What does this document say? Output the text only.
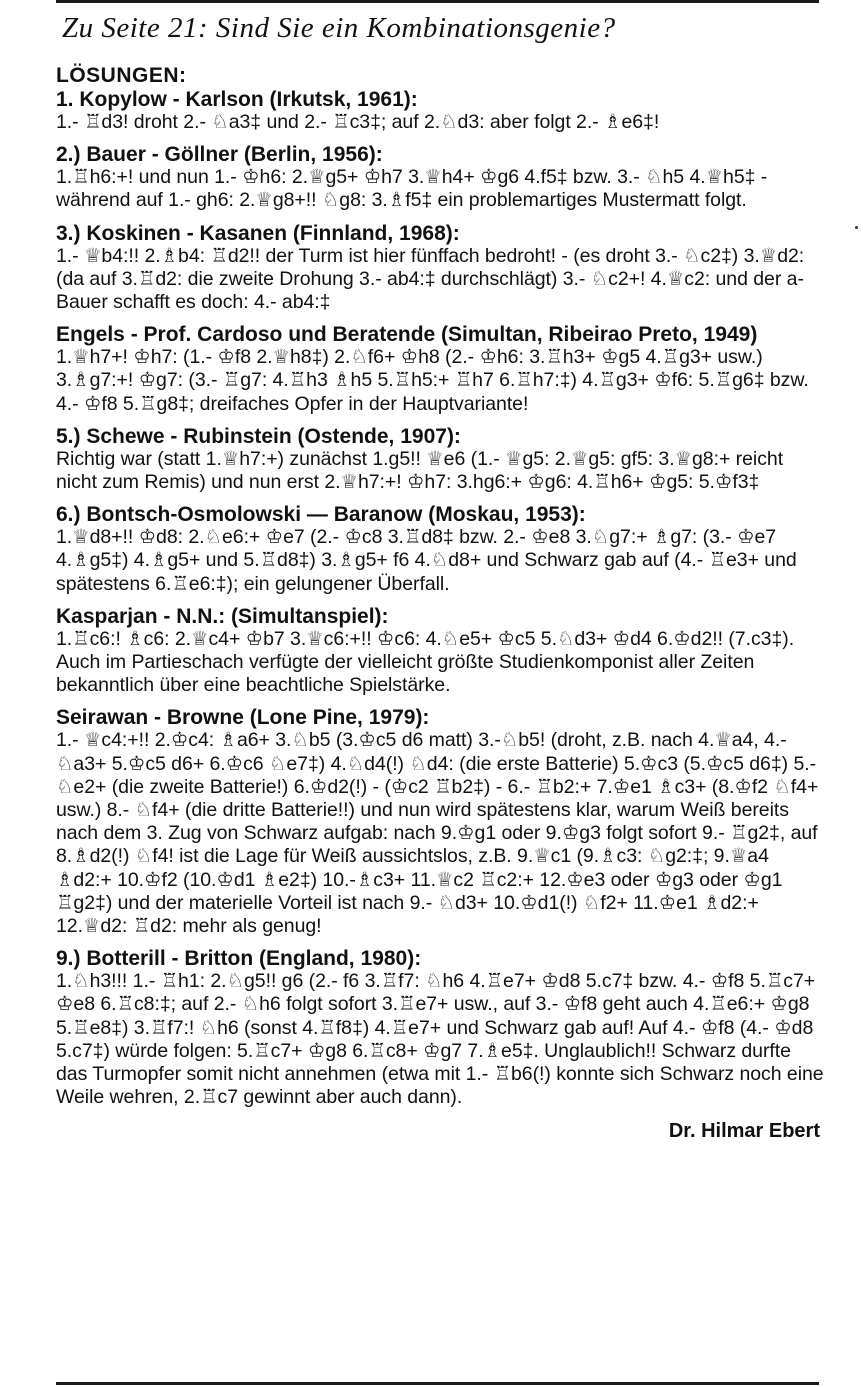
Zu Seite 21: Sind Sie ein Kombinationsgenie?
LÖSUNGEN:
1. Kopylow - Karlson (Irkutsk, 1961):
1.- ♖d3! droht 2.- ♘a3‡ und 2.- ♖c3‡; auf 2.♘d3: aber folgt 2.- ♗e6‡!
2.) Bauer - Göllner (Berlin, 1956):
1.♖h6:+! und nun 1.- ♔h6: 2.♕g5+ ♔h7 3.♕h4+ ♔g6 4.f5‡ bzw. 3.- ♘h5 4.♕h5‡ - während auf 1.- gh6: 2.♕g8+!! ♘g8: 3.♗f5‡ ein problemartiges Mustermatt folgt.
3.) Koskinen - Kasanen (Finnland, 1968):
1.- ♕b4:!! 2.♗b4: ♖d2!! der Turm ist hier fünffach bedroht! - (es droht 3.- ♘c2‡) 3.♕d2: (da auf 3.♖d2: die zweite Drohung 3.- ab4:‡ durchschlägt) 3.- ♘c2+! 4.♕c2: und der a-Bauer schafft es doch: 4.- ab4:‡
Engels - Prof. Cardoso und Beratende (Simultan, Ribeirao Preto, 1949)
1.♕h7+! ♔h7: (1.- ♔f8 2.♕h8‡) 2.♘f6+ ♔h8 (2.- ♔h6: 3.♖h3+ ♔g5 4.♖g3+ usw.) 3.♗g7:+! ♔g7: (3.- ♖g7: 4.♖h3 ♗h5 5.♖h5:+ ♖h7 6.♖h7:‡) 4.♖g3+ ♔f6: 5.♖g6‡ bzw. 4.- ♔f8 5.♖g8‡; dreifaches Opfer in der Hauptvariante!
5.) Schewe - Rubinstein (Ostende, 1907):
Richtig war (statt 1.♕h7:+) zunächst 1.g5!! ♕e6 (1.- ♕g5: 2.♕g5: gf5: 3.♕g8:+ reicht nicht zum Remis) und nun erst 2.♕h7:+! ♔h7: 3.hg6:+ ♔g6: 4.♖h6+ ♔g5: 5.♔f3‡
6.) Bontsch-Osmolowski — Baranow (Moskau, 1953):
1.♕d8+!! ♔d8: 2.♘e6:+ ♔e7 (2.- ♔c8 3.♖d8‡ bzw. 2.- ♔e8 3.♘g7:+ ♗g7: (3.- ♔e7 4.♗g5‡) 4.♗g5+ und 5.♖d8‡) 3.♗g5+ f6 4.♘d8+ und Schwarz gab auf (4.- ♖e3+ und spätestens 6.♖e6:‡); ein gelungener Überfall.
Kasparjan - N.N.: (Simultanspiel):
1.♖c6:! ♗c6: 2.♕c4+ ♔b7 3.♕c6:+!! ♔c6: 4.♘e5+ ♔c5 5.♘d3+ ♔d4 6.♔d2!! (7.c3‡).
Auch im Partieschach verfügte der vielleicht größte Studienkomponist aller Zeiten bekanntlich über eine beachtliche Spielstärke.
Seirawan - Browne (Lone Pine, 1979):
1.- ♕c4:+!! 2.♔c4: ♗a6+ 3.♘b5 (3.♔c5 d6 matt) 3.-♘b5! (droht, z.B. nach 4.♕a4, 4.- ♘a3+ 5.♔c5 d6+ 6.♔c6 ♘e7‡) 4.♘d4(!) ♘d4: (die erste Batterie) 5.♔c3 (5.♔c5 d6‡) 5.- ♘e2+ (die zweite Batterie!) 6.♔d2(!) - (♔c2 ♖b2‡) - 6.- ♖b2:+ 7.♔e1 ♗c3+ (8.♔f2 ♘f4+ usw.) 8.- ♘f4+ (die dritte Batterie!!) und nun wird spätestens klar, warum Weiß bereits nach dem 3. Zug von Schwarz aufgab: nach 9.♔g1 oder 9.♔g3 folgt sofort 9.- ♖g2‡, auf 8.♗d2(!) ♘f4! ist die Lage für Weiß aussichtslos, z.B. 9.♕c1 (9.♗c3: ♘g2:‡; 9.♕a4 ♗d2:+ 10.♔f2 (10.♔d1 ♗e2‡) 10.-♗c3+ 11.♕c2 ♖c2:+ 12.♔e3 oder ♔g3 oder ♔g1 ♖g2‡) und der materielle Vorteil ist nach 9.- ♘d3+ 10.♔d1(!) ♘f2+ 11.♔e1 ♗d2:+ 12.♕d2: ♖d2: mehr als genug!
9.) Botterill - Britton (England, 1980):
1.♘h3!!! 1.- ♖h1: 2.♘g5!! g6 (2.- f6 3.♖f7: ♘h6 4.♖e7+ ♔d8 5.c7‡ bzw. 4.- ♔f8 5.♖c7+ ♔e8 6.♖c8:‡; auf 2.- ♘h6 folgt sofort 3.♖e7+ usw., auf 3.- ♔f8 geht auch 4.♖e6:+ ♔g8 5.♖e8‡) 3.♖f7:! ♘h6 (sonst 4.♖f8‡) 4.♖e7+ und Schwarz gab auf! Auf 4.- ♔f8 (4.- ♔d8 5.c7‡) würde folgen: 5.♖c7+ ♔g8 6.♖c8+ ♔g7 7.♗e5‡. Unglaublich!! Schwarz durfte das Turmopfer somit nicht annehmen (etwa mit 1.- ♖b6(!) konnte sich Schwarz noch eine Weile wehren, 2.♖c7 gewinnt aber auch dann).
Dr. Hilmar Ebert
